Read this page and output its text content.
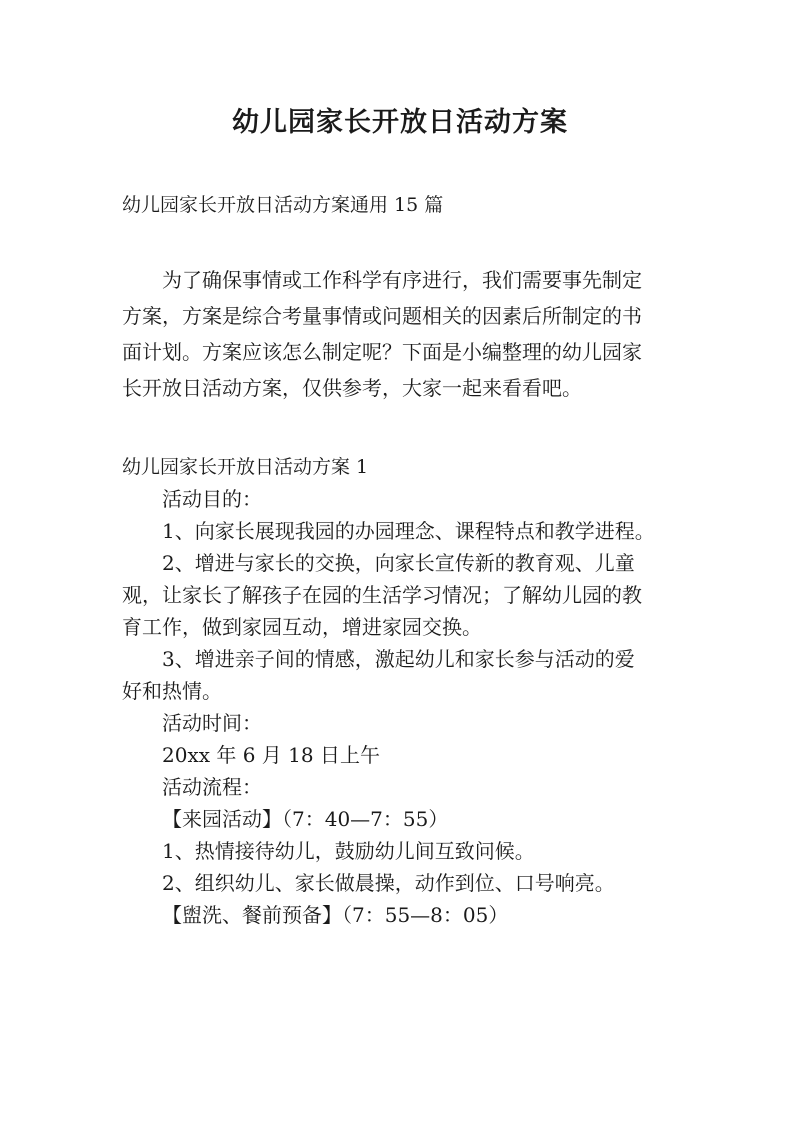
幼儿园家长开放日活动方案

幼儿园家长开放日活动方案通用 15 篇

为了确保事情或工作科学有序进行，我们需要事先制定
方案，方案是综合考量事情或问题相关的因素后所制定的书
面计划。方案应该怎么制定呢？下面是小编整理的幼儿园家
长开放日活动方案，仅供参考，大家一起来看看吧。

幼儿园家长开放日活动方案 1
活动目的：
1、向家长展现我园的办园理念、课程特点和教学进程。
2、增进与家长的交换，向家长宣传新的教育观、儿童
观，让家长了解孩子在园的生活学习情况；了解幼儿园的教
育工作，做到家园互动，增进家园交换。
3、增进亲子间的情感，激起幼儿和家长参与活动的爱
好和热情。
活动时间：
20xx 年 6 月 18 日上午
活动流程：
【来园活动】（7：40—7：55）
1、热情接待幼儿，鼓励幼儿间互致问候。
2、组织幼儿、家长做晨操，动作到位、口号响亮。
【盥洗、餐前预备】（7：55—8：05）
